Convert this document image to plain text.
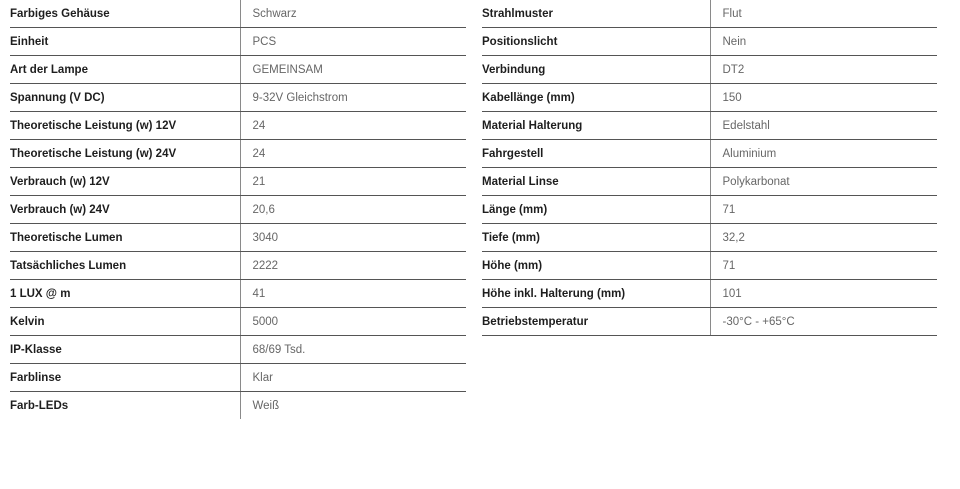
Farbiges Gehäuse	Schwarz
Einheit	PCS
Art der Lampe	GEMEINSAM
Spannung (V DC)	9-32V Gleichstrom
Theoretische Leistung (w) 12V	24
Theoretische Leistung (w) 24V	24
Verbrauch (w) 12V	21
Verbrauch (w) 24V	20,6
Theoretische Lumen	3040
Tatsächliches Lumen	2222
1 LUX @ m	41
Kelvin	5000
IP-Klasse	68/69 Tsd.
Farblinse	Klar
Farb-LEDs	Weiß
Strahlmuster	Flut
Positionslicht	Nein
Verbindung	DT2
Kabellänge (mm)	150
Material Halterung	Edelstahl
Fahrgestell	Aluminium
Material Linse	Polykarbonat
Länge (mm)	71
Tiefe (mm)	32,2
Höhe (mm)	71
Höhe inkl. Halterung (mm)	101
Betriebstemperatur	-30°C - +65°C
